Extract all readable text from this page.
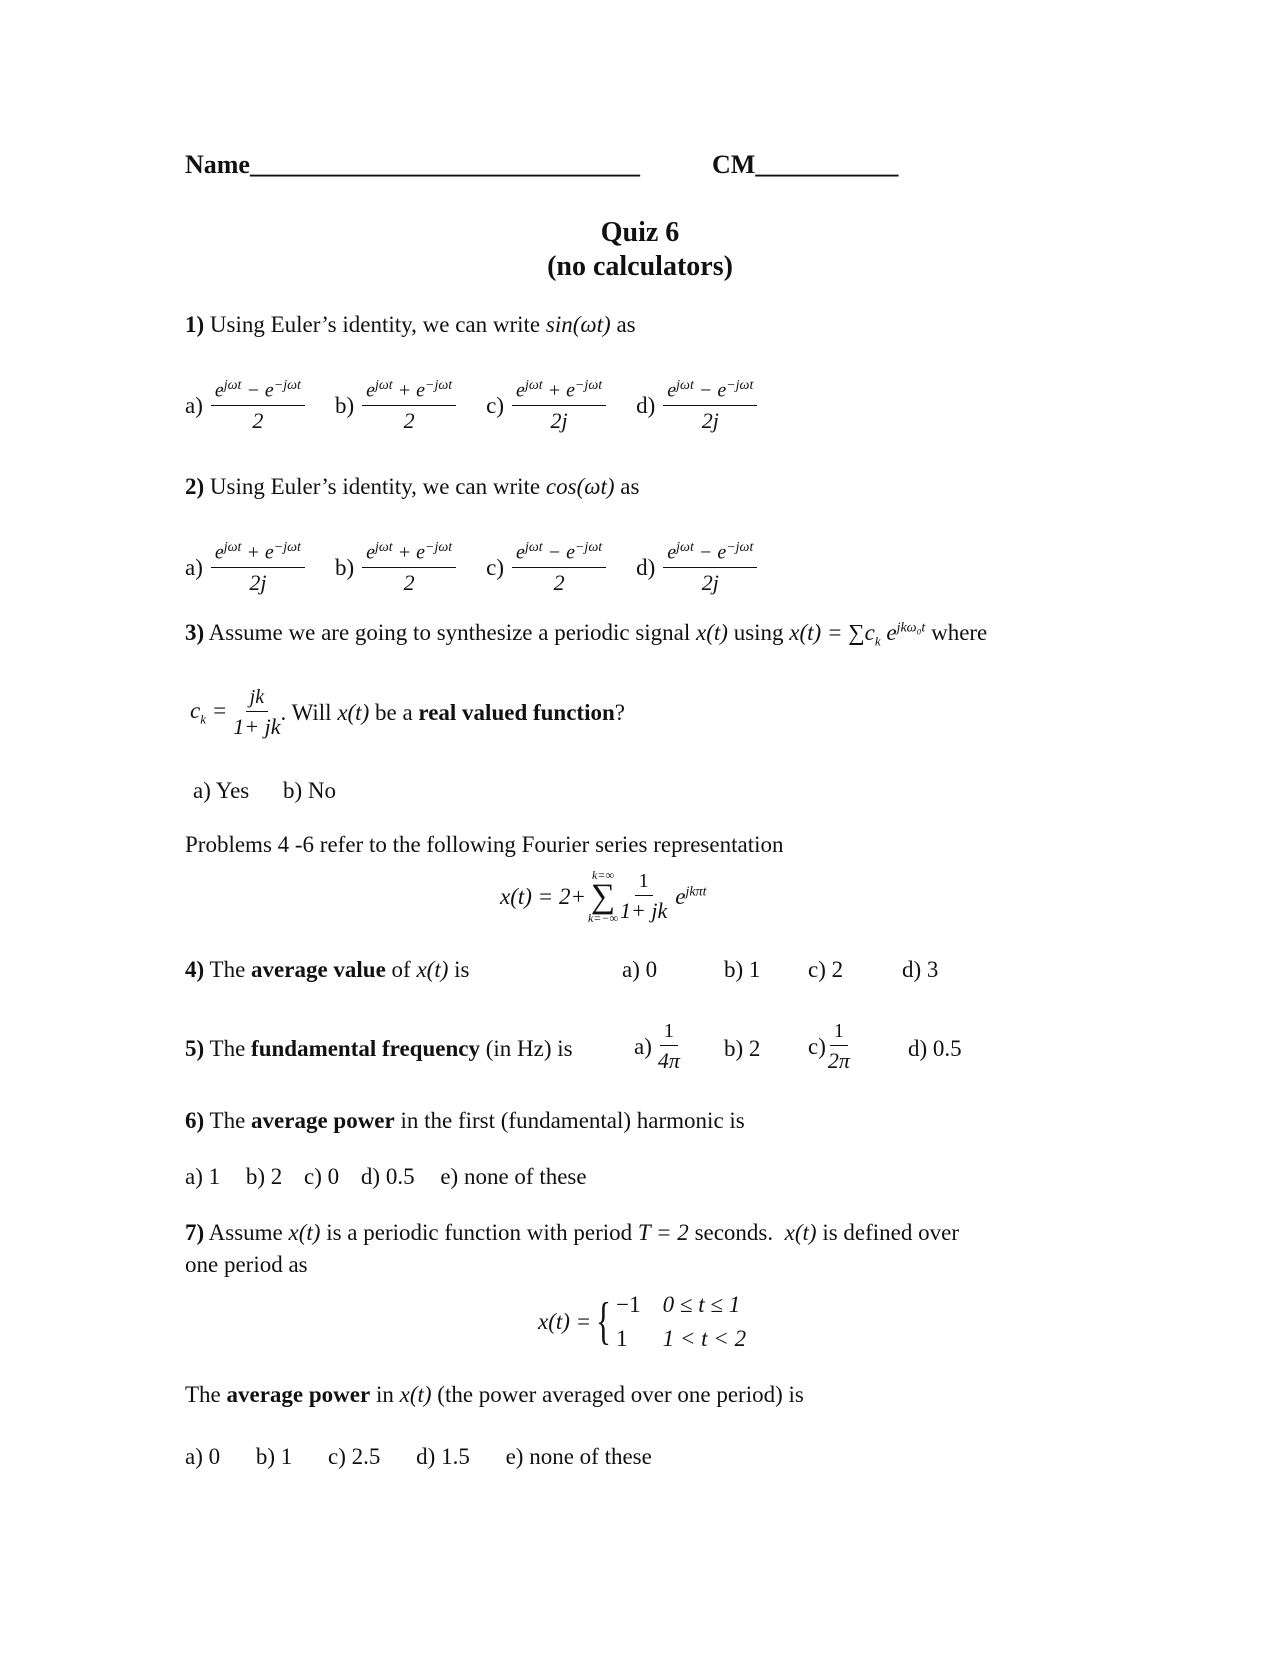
Name______________________________	CM___________
Quiz 6
(no calculators)
1) Using Euler’s identity, we can write sin(ωt) as
$a) \frac{e^{j\omega t} - e^{-j\omega t}}{2}$
$b) \frac{e^{j\omega t} + e^{-j\omega t}}{2}$
$c) \frac{e^{j\omega t} + e^{-j\omega t}}{2j}$
$d) \frac{e^{j\omega t} - e^{-j\omega t}}{2j}$
2) Using Euler’s identity, we can write cos(ωt) as
$a) \frac{e^{j\omega t} + e^{-j\omega t}}{2j}$
$b) \frac{e^{j\omega t} + e^{-j\omega t}}{2}$
$c) \frac{e^{j\omega t} - e^{-j\omega t}}{2}$
$d) \frac{e^{j\omega t} - e^{-j\omega t}}{2j}$
3) Assume we are going to synthesize a periodic signal x(t) using $x(t) = \sum c_k$ $e^{jk\omega_0t}$ where
$c_k = \frac{jk}{1+ jk}$ . Will
x(t)
be a
real valued function ?
a) Yes b) No
Problems 4 -6 refer to the following Fourier series representation
x(t) = 2+
k=∞
∑
$k=-\infty \frac{1}{1+ jk} e^{jk\pi t}$
4) The average value of x(t) is	a) 0	b) 1 c) 2	d) 3
5) The fundamental frequency (in Hz) is	$a) \frac{1}{4\pi} b$) 2 $c) \frac{1}{2\pi}$	d) 0.5
6) The average power in the first (fundamental) harmonic is
a) 1 b) 2 c) 0 d) 0.5 e) none of these
7) Assume x(t) is a periodic function with period T = 2 seconds. x(t) is defined over
one period as
x(t) = { −1 0 ≤ t ≤ 1
1	1 < t < 2
The average power in x(t) (the power averaged over one period) is
a) 0 b) 1 c) 2.5 d) 1.5 e) none of these
